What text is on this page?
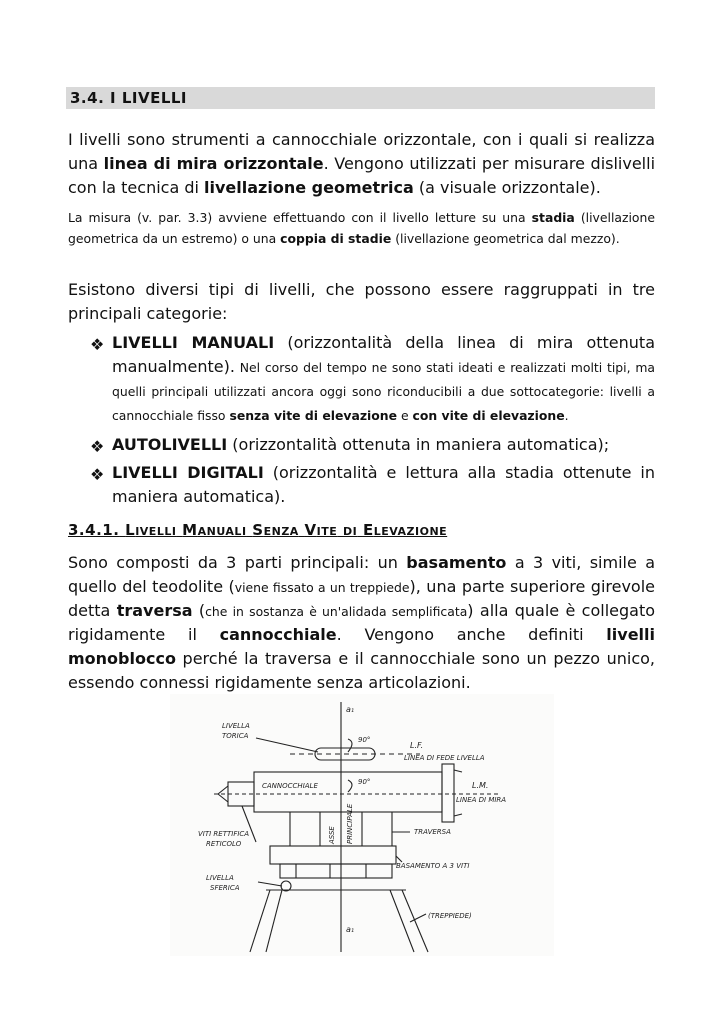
3.4. I LIVELLI
I livelli sono strumenti a cannocchiale orizzontale, con i quali si realizza una linea di mira orizzontale. Vengono utilizzati per misurare dislivelli con la tecnica di livellazione geometrica (a visuale orizzontale).
La misura (v. par. 3.3) avviene effettuando con il livello letture su una stadia (livellazione geometrica da un estremo) o una coppia di stadie (livellazione geometrica dal mezzo).
Esistono diversi tipi di livelli, che possono essere raggruppati in tre principali categorie:
❖ LIVELLI MANUALI (orizzontalità della linea di mira ottenuta manualmente). Nel corso del tempo ne sono stati ideati e realizzati molti tipi, ma quelli principali utilizzati ancora oggi sono riconducibili a due sottocategorie: livelli a cannocchiale fisso senza vite di elevazione e con vite di elevazione.
❖ AUTOLIVELLI (orizzontalità ottenuta in maniera automatica);
❖ LIVELLI DIGITALI (orizzontalità e lettura alla stadia ottenute in maniera automatica).
3.4.1. LIVELLI MANUALI SENZA VITE DI ELEVAZIONE
Sono composti da 3 parti principali: un basamento a 3 viti, simile a quello del teodolite (viene fissato a un treppiede), una parte superiore girevole detta traversa (che in sostanza è un'alidada semplificata) alla quale è collegato rigidamente il cannocchiale. Vengono anche definiti livelli monoblocco perché la traversa e il cannocchiale sono un pezzo unico, essendo connessi rigidamente senza articolazioni.
a₁
a₁
LIVELLA
TORICA	90°
90°
L.F.
LINEA DI FEDE LIVELLA
CANNOCCHIALE	L.M.
LINEA DI MIRA
ASSE PRINCIPALE	TRAVERSA
VITI RETTIFICA
RETICOLO
BASAMENTO A 3 VITI
LIVELLA
SFERICA
(TREPPIEDE)
